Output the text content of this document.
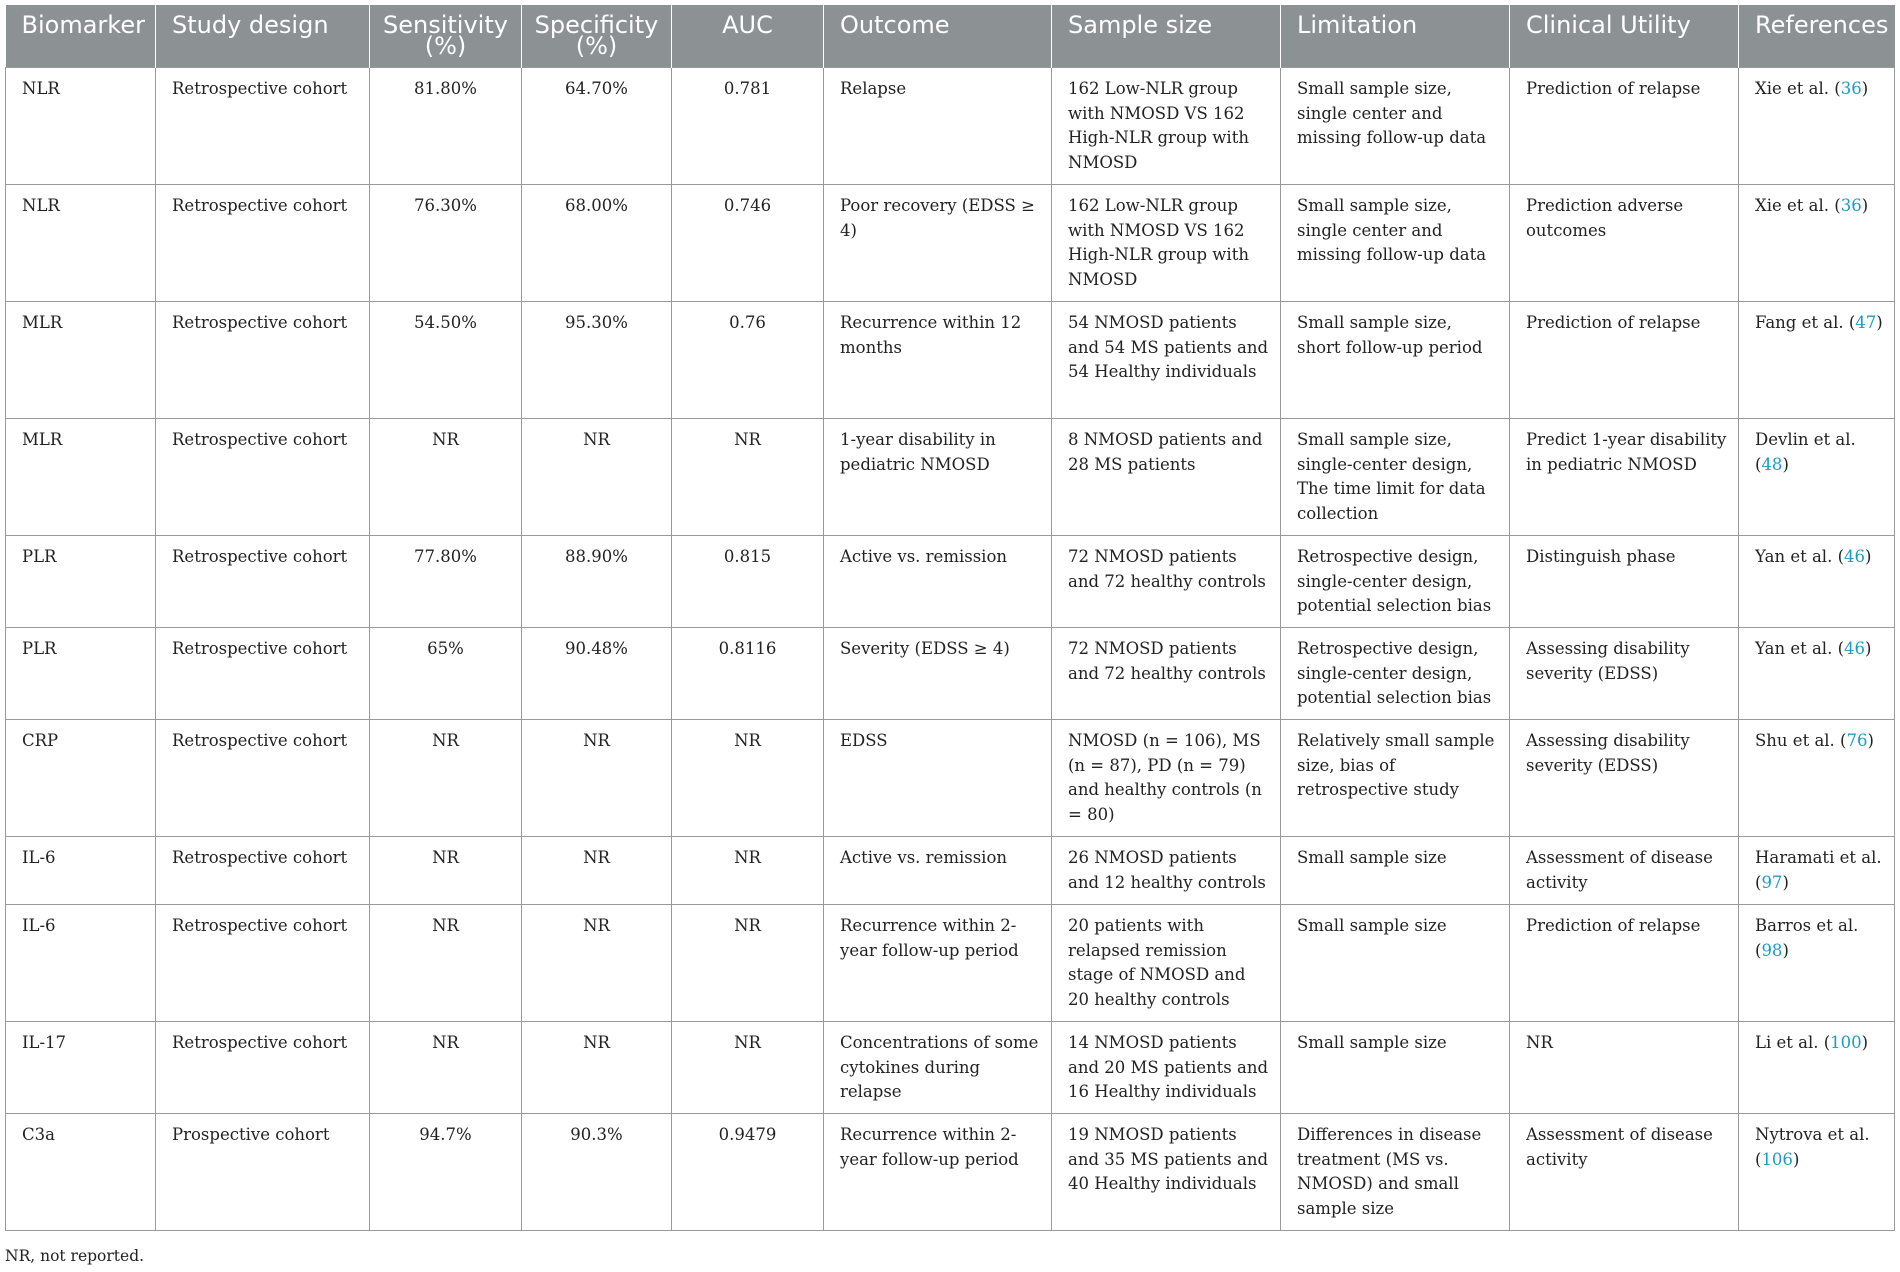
Biomarker	Study design	Sensitivity (%)	Specificity (%)	AUC	Outcome	Sample size	Limitation	Clinical Utility	References
NLR	Retrospective cohort	81.80%	64.70%	0.781	Relapse	162 Low-NLR group with NMOSD VS 162 High-NLR group with NMOSD	Small sample size, single center and missing follow-up data	Prediction of relapse	Xie et al. (36)
NLR	Retrospective cohort	76.30%	68.00%	0.746	Poor recovery (EDSS ≥ 4)	162 Low-NLR group with NMOSD VS 162 High-NLR group with NMOSD	Small sample size, single center and missing follow-up data	Prediction adverse outcomes	Xie et al. (36)
MLR	Retrospective cohort	54.50%	95.30%	0.76	Recurrence within 12 months	54 NMOSD patients and 54 MS patients and 54 Healthy individuals	Small sample size, short follow-up period	Prediction of relapse	Fang et al. (47)
MLR	Retrospective cohort	NR	NR	NR	1-year disability in pediatric NMOSD	8 NMOSD patients and 28 MS patients	Small sample size, single-center design, The time limit for data collection	Predict 1-year disability in pediatric NMOSD	Devlin et al. (48)
PLR	Retrospective cohort	77.80%	88.90%	0.815	Active vs. remission	72 NMOSD patients and 72 healthy controls	Retrospective design, single-center design, potential selection bias	Distinguish phase	Yan et al. (46)
PLR	Retrospective cohort	65%	90.48%	0.8116	Severity (EDSS ≥ 4)	72 NMOSD patients and 72 healthy controls	Retrospective design, single-center design, potential selection bias	Assessing disability severity (EDSS)	Yan et al. (46)
CRP	Retrospective cohort	NR	NR	NR	EDSS	NMOSD (n = 106), MS (n = 87), PD (n = 79) and healthy controls (n = 80)	Relatively small sample size, bias of retrospective study	Assessing disability severity (EDSS)	Shu et al. (76)
IL-6	Retrospective cohort	NR	NR	NR	Active vs. remission	26 NMOSD patients and 12 healthy controls	Small sample size	Assessment of disease activity	Haramati et al. (97)
IL-6	Retrospective cohort	NR	NR	NR	Recurrence within 2-year follow-up period	20 patients with relapsed remission stage of NMOSD and 20 healthy controls	Small sample size	Prediction of relapse	Barros et al. (98)
IL-17	Retrospective cohort	NR	NR	NR	Concentrations of some cytokines during relapse	14 NMOSD patients and 20 MS patients and 16 Healthy individuals	Small sample size	NR	Li et al. (100)
C3a	Prospective cohort	94.7%	90.3%	0.9479	Recurrence within 2-year follow-up period	19 NMOSD patients and 35 MS patients and 40 Healthy individuals	Differences in disease treatment (MS vs. NMOSD) and small sample size	Assessment of disease activity	Nytrova et al. (106)
NR, not reported.
